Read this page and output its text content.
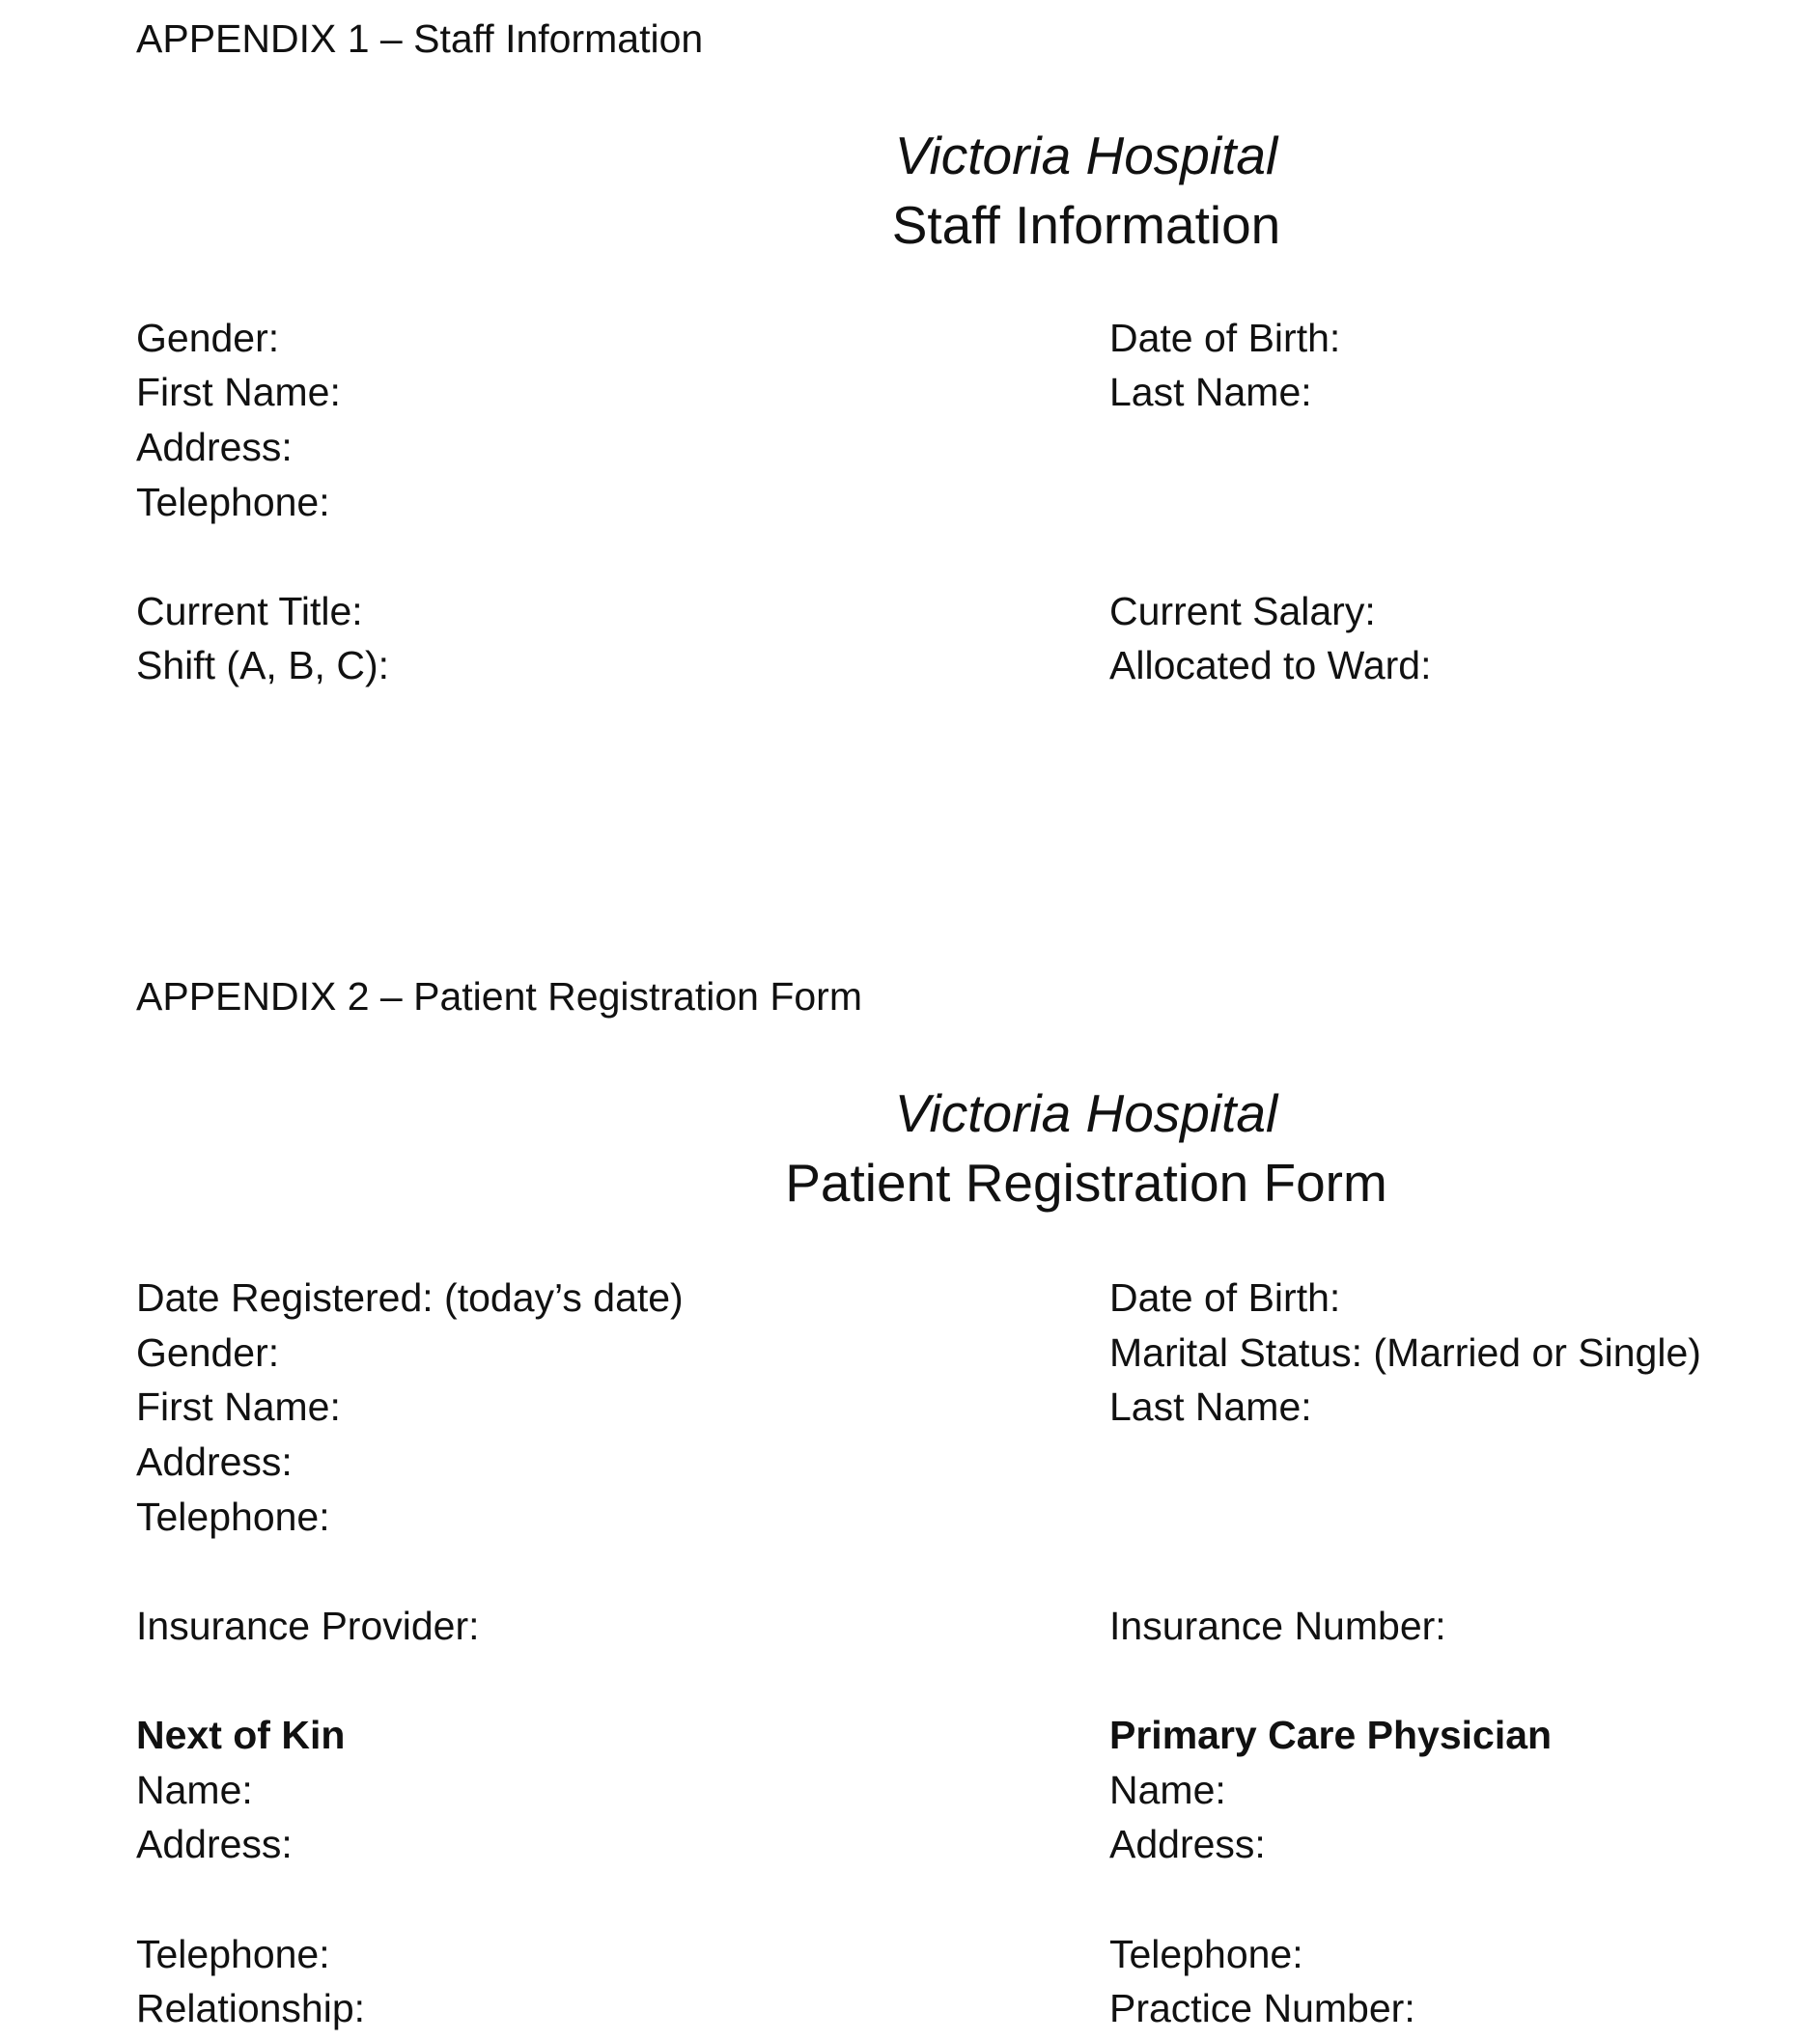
APPENDIX 1 – Staff Information
Victoria Hospital
Staff Information
Gender:
First Name:
Address:
Telephone:
Current Title:
Shift (A, B, C):
Date of Birth:
Last Name:
Current Salary:
Allocated to Ward:
APPENDIX 2 – Patient Registration Form
Victoria Hospital
Patient Registration Form
Date Registered: (today’s date)
Gender:
First Name:
Address:
Telephone:
Insurance Provider:
Date of Birth:
Marital Status: (Married or Single)
Last Name:
Insurance Number:
Next of Kin
Name:
Address:
Telephone:
Relationship:
Primary Care Physician
Name:
Address:
Telephone:
Practice Number:
